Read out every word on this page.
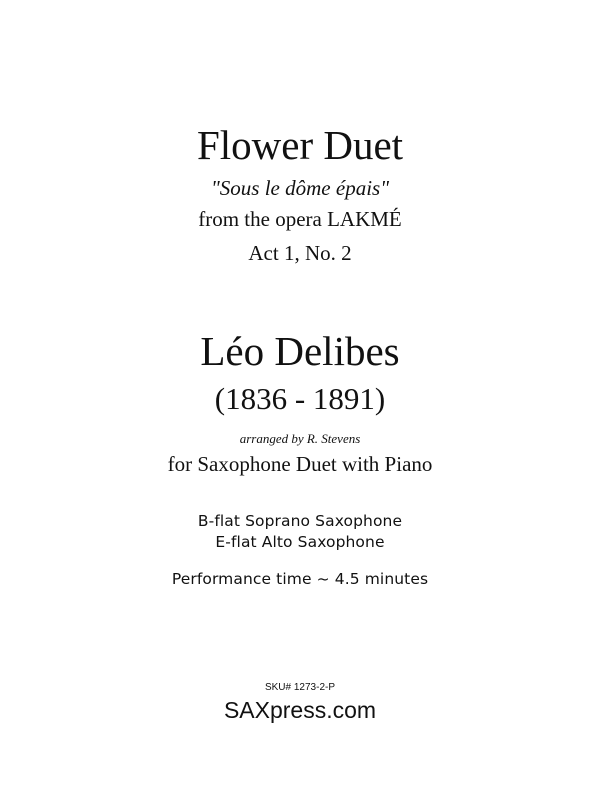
Flower Duet
"Sous le dôme épais"
from the opera LAKMÉ
Act 1, No. 2
Léo Delibes
(1836 - 1891)
arranged by R. Stevens
for Saxophone Duet with Piano
B-flat Soprano Saxophone
E-flat Alto Saxophone
Performance time ~ 4.5 minutes
SKU# 1273-2-P
SAXpress.com
